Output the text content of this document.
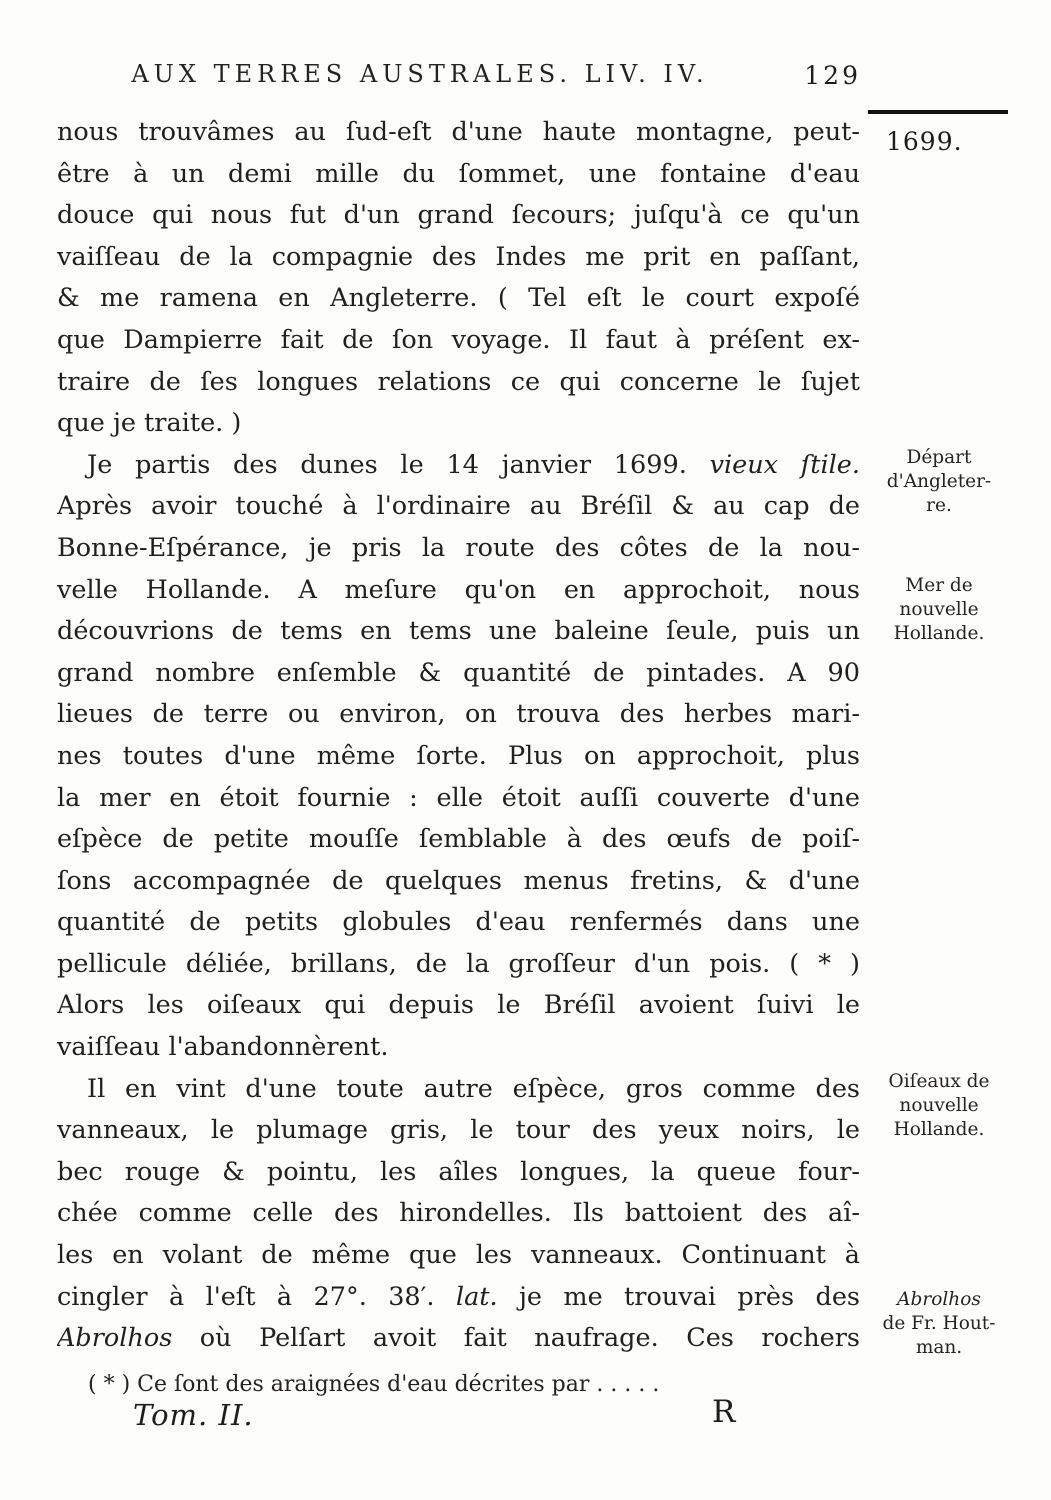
AUX TERRES AUSTRALES. LIV. IV.	129
1699.
Départ
d'Angleter-
re.
Mer de
nouvelle
Hollande.
Oiſeaux de
nouvelle
Hollande.
Abrolhos
de Fr. Hout-
man.
nous trouvâmes au ſud-eſt d'une haute montagne, peut-
être à un demi mille du ſommet, une fontaine d'eau
douce qui nous fut d'un grand ſecours; juſqu'à ce qu'un
vaiſſeau de la compagnie des Indes me prit en paſſant,
& me ramena en Angleterre. ( Tel eſt le court expoſé
que Dampierre fait de ſon voyage. Il faut à préſent ex-
traire de ſes longues relations ce qui concerne le ſujet
que je traite. )
Je partis des dunes le 14 janvier 1699. vieux ſtile.
Après avoir touché à l'ordinaire au Bréſil & au cap de
Bonne-Eſpérance, je pris la route des côtes de la nou-
velle Hollande. A meſure qu'on en approchoit, nous
découvrions de tems en tems une baleine ſeule, puis un
grand nombre enſemble & quantité de pintades. A 90
lieues de terre ou environ, on trouva des herbes mari-
nes toutes d'une même ſorte. Plus on approchoit, plus
la mer en étoit fournie : elle étoit auſſi couverte d'une
eſpèce de petite mouſſe ſemblable à des œufs de poiſ-
ſons accompagnée de quelques menus fretins, & d'une
quantité de petits globules d'eau renfermés dans une
pellicule déliée, brillans, de la groſſeur d'un pois. ( * )
Alors les oiſeaux qui depuis le Bréſil avoient ſuivi le
vaiſſeau l'abandonnèrent.
Il en vint d'une toute autre eſpèce, gros comme des
vanneaux, le plumage gris, le tour des yeux noirs, le
bec rouge & pointu, les aîles longues, la queue four-
chée comme celle des hirondelles. Ils battoient des aî-
les en volant de même que les vanneaux. Continuant à
cingler à l'eſt à 27°. 38′. lat. je me trouvai près des
Abrolhos où Pelſart avoit fait naufrage. Ces rochers
( * ) Ce ſont des araignées d'eau décrites par . . . . .
Tom. II.	R
